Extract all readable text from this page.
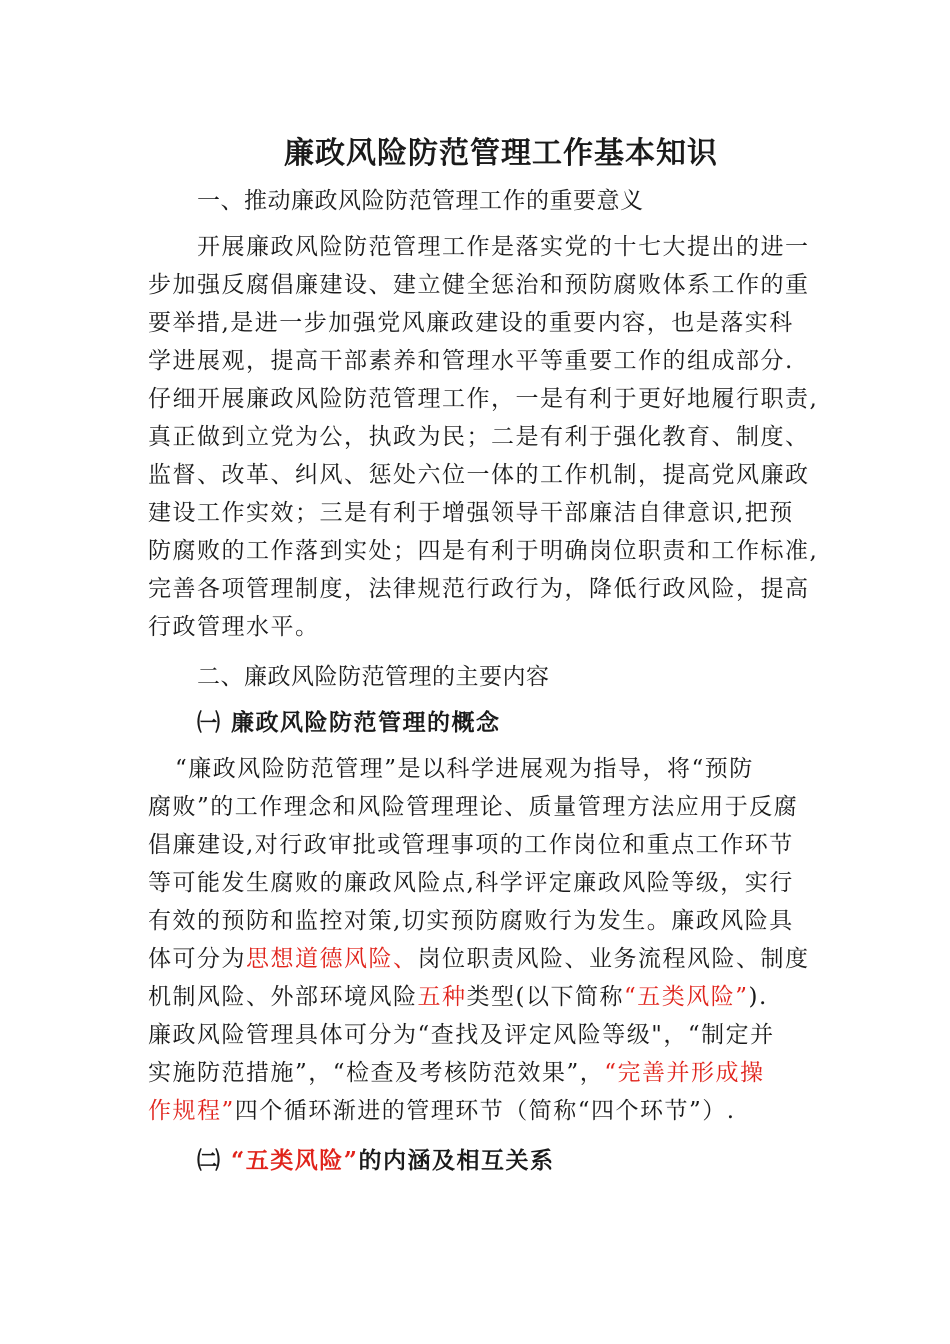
廉政风险防范管理工作基本知识
一、推动廉政风险防范管理工作的重要意义
开展廉政风险防范管理工作是落实党的十七大提出的进一
步加强反腐倡廉建设、建立健全惩治和预防腐败体系工作的重
要举措,是进一步加强党风廉政建设的重要内容，也是落实科
学进展观，提高干部素养和管理水平等重要工作的组成部分.
仔细开展廉政风险防范管理工作，一是有利于更好地履行职责,
真正做到立党为公，执政为民；二是有利于强化教育、制度、
监督、改革、纠风、惩处六位一体的工作机制，提高党风廉政
建设工作实效；三是有利于增强领导干部廉洁自律意识,把预
防腐败的工作落到实处；四是有利于明确岗位职责和工作标准,
完善各项管理制度，法律规范行政行为，降低行政风险，提高
行政管理水平。
二、廉政风险防范管理的主要内容
㈠ 廉政风险防范管理的概念
“廉政风险防范管理”是以科学进展观为指导，将“预防
腐败”的工作理念和风险管理理论、质量管理方法应用于反腐
倡廉建设,对行政审批或管理事项的工作岗位和重点工作环节
等可能发生腐败的廉政风险点,科学评定廉政风险等级，实行
有效的预防和监控对策,切实预防腐败行为发生。廉政风险具
体可分为思想道德风险、岗位职责风险、业务流程风险、制度
机制风险、外部环境风险五种类型(以下简称“五类风险”).
廉政风险管理具体可分为“查找及评定风险等级"，“制定并
实施防范措施”，“检查及考核防范效果”，“完善并形成操
作规程”四个循环渐进的管理环节（简称“四个环节”）.
㈡ “五类风险”的内涵及相互关系
